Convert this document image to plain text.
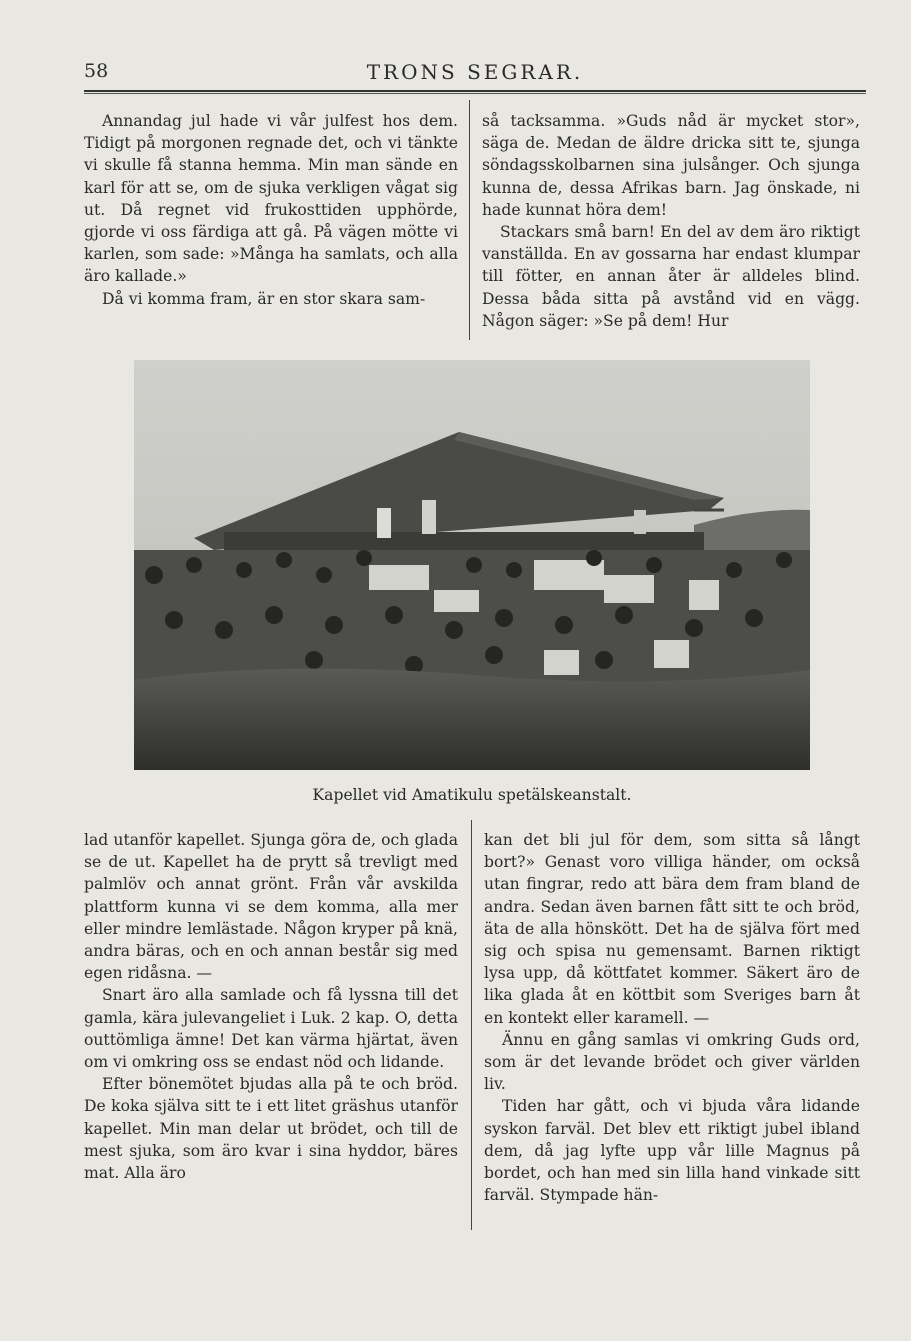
58	TRONS SEGRAR.

Annandag jul hade vi vår julfest hos dem. Tidigt på morgonen regnade det, och vi tänkte vi skulle få stanna hemma. Min man sände en karl för att se, om de sjuka verkligen vågat sig ut. Då regnet vid frukosttiden upphörde, gjorde vi oss färdiga att gå. På vägen mötte vi karlen, som sade: »Många ha samlats, och alla äro kallade.»

Då vi komma fram, är en stor skara sam-

så tacksamma. »Guds nåd är mycket stor», säga de. Medan de äldre dricka sitt te, sjunga söndagsskolbarnen sina julsånger. Och sjunga kunna de, dessa Afrikas barn. Jag önskade, ni hade kunnat höra dem!

Stackars små barn! En del av dem äro riktigt vanställda. En av gossarna har endast klumpar till fötter, en annan åter är alldeles blind. Dessa båda sitta på avstånd vid en vägg. Någon säger: »Se på dem! Hur

Kapellet vid Amatikulu spetälskeanstalt.

lad utanför kapellet. Sjunga göra de, och glada se de ut. Kapellet ha de prytt så trevligt med palmlöv och annat grönt. Från vår avskilda plattform kunna vi se dem komma, alla mer eller mindre lemlästade. Någon kryper på knä, andra bäras, och en och annan består sig med egen ridåsna. —

Snart äro alla samlade och få lyssna till det gamla, kära julevangeliet i Luk. 2 kap. O, detta outtömliga ämne! Det kan värma hjärtat, även om vi omkring oss se endast nöd och lidande.

Efter bönemötet bjudas alla på te och bröd. De koka själva sitt te i ett litet gräshus utanför kapellet. Min man delar ut brödet, och till de mest sjuka, som äro kvar i sina hyddor, bäres mat. Alla äro

kan det bli jul för dem, som sitta så långt bort?» Genast voro villiga händer, om också utan fingrar, redo att bära dem fram bland de andra. Sedan även barnen fått sitt te och bröd, äta de alla hönskött. Det ha de själva fört med sig och spisa nu gemensamt. Barnen riktigt lysa upp, då köttfatet kommer. Säkert äro de lika glada åt en köttbit som Sveriges barn åt en kontekt eller karamell. —

Ännu en gång samlas vi omkring Guds ord, som är det levande brödet och giver världen liv.

Tiden har gått, och vi bjuda våra lidande syskon farväl. Det blev ett riktigt jubel ibland dem, då jag lyfte upp vår lille Magnus på bordet, och han med sin lilla hand vinkade sitt farväl. Stympade hän-
